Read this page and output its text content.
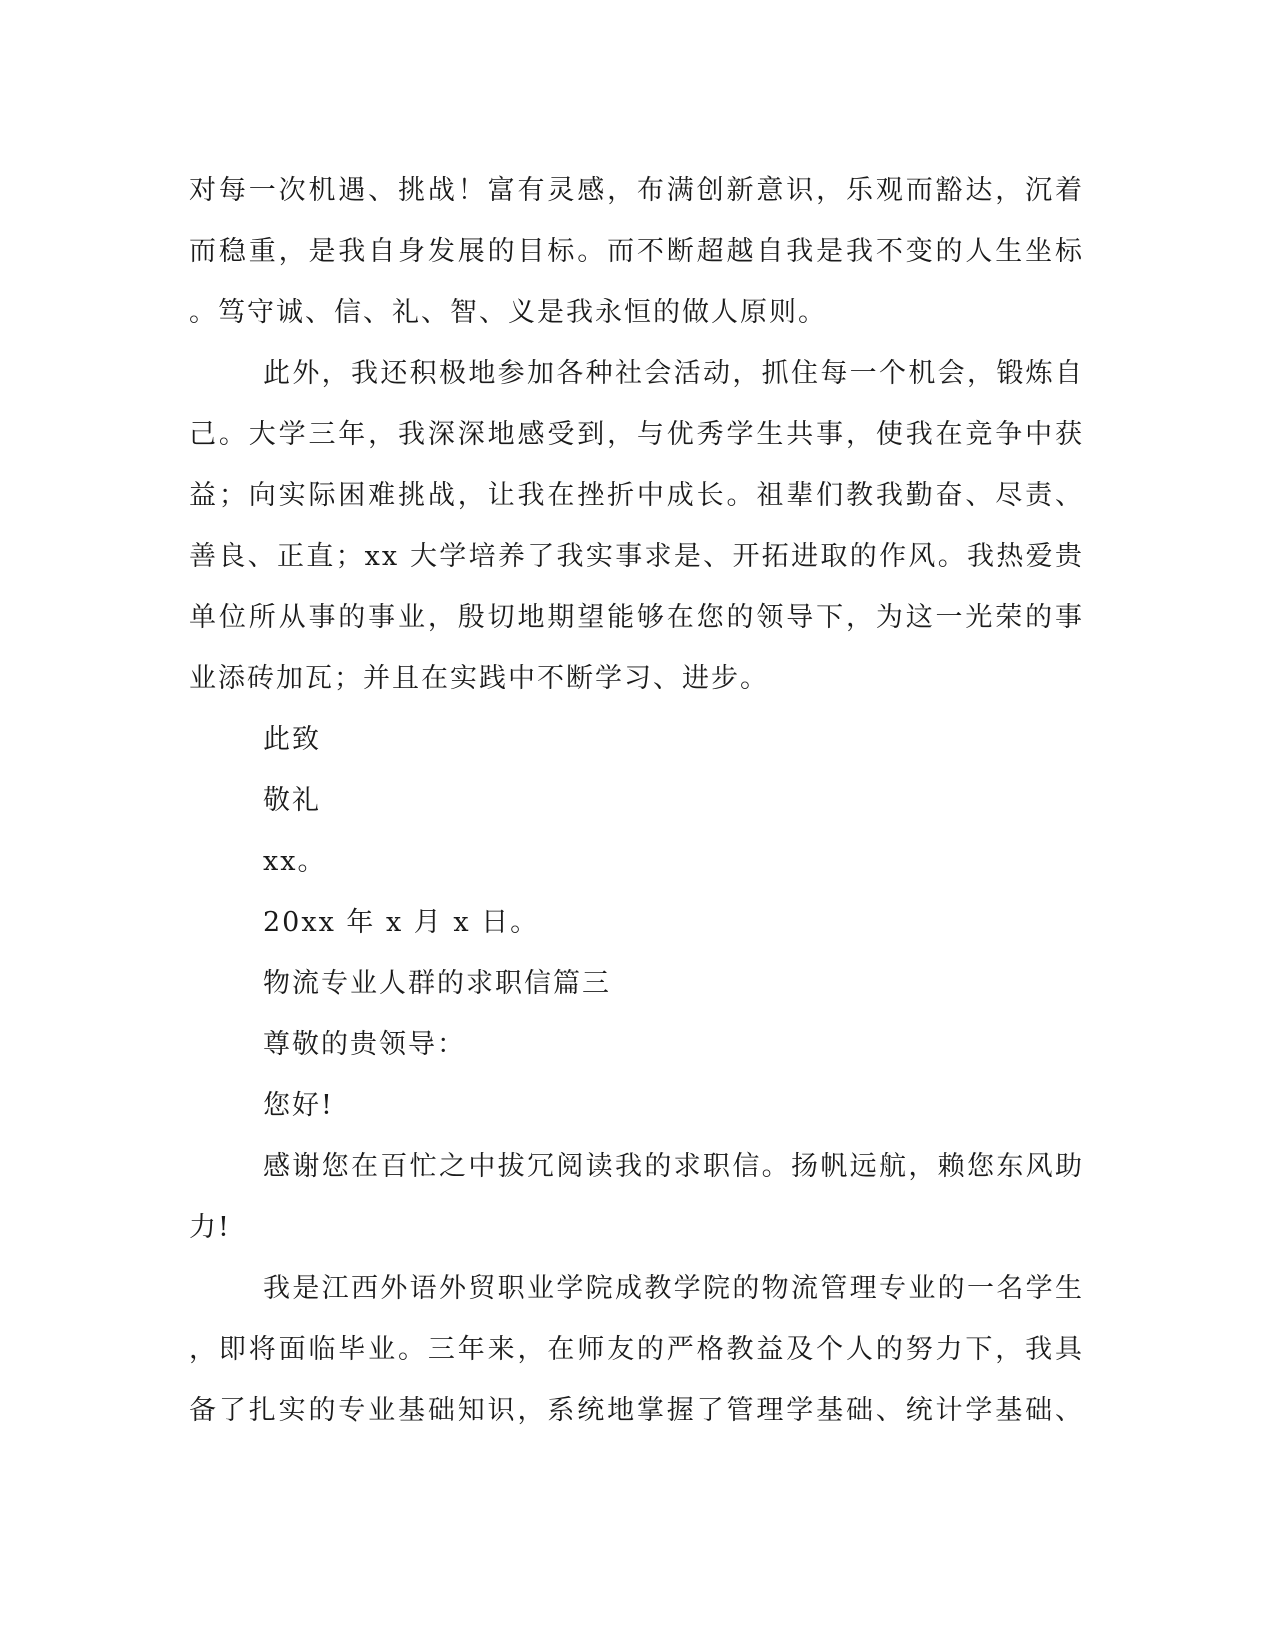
对每一次机遇、挑战！富有灵感，布满创新意识，乐观而豁达，沉着
而稳重，是我自身发展的目标。而不断超越自我是我不变的人生坐标
。笃守诚、信、礼、智、义是我永恒的做人原则。
此外，我还积极地参加各种社会活动，抓住每一个机会，锻炼自
己。大学三年，我深深地感受到，与优秀学生共事，使我在竞争中获
益；向实际困难挑战，让我在挫折中成长。祖辈们教我勤奋、尽责、
善良、正直；xx 大学培养了我实事求是、开拓进取的作风。我热爱贵
单位所从事的事业，殷切地期望能够在您的领导下，为这一光荣的事
业添砖加瓦；并且在实践中不断学习、进步。
此致
敬礼
xx。
20xx 年 x 月 x 日。
物流专业人群的求职信篇三
尊敬的贵领导：
您好!
感谢您在百忙之中拔冗阅读我的求职信。扬帆远航，赖您东风助
力!
我是江西外语外贸职业学院成教学院的物流管理专业的一名学生
，即将面临毕业。三年来，在师友的严格教益及个人的努力下，我具
备了扎实的专业基础知识，系统地掌握了管理学基础、统计学基础、
